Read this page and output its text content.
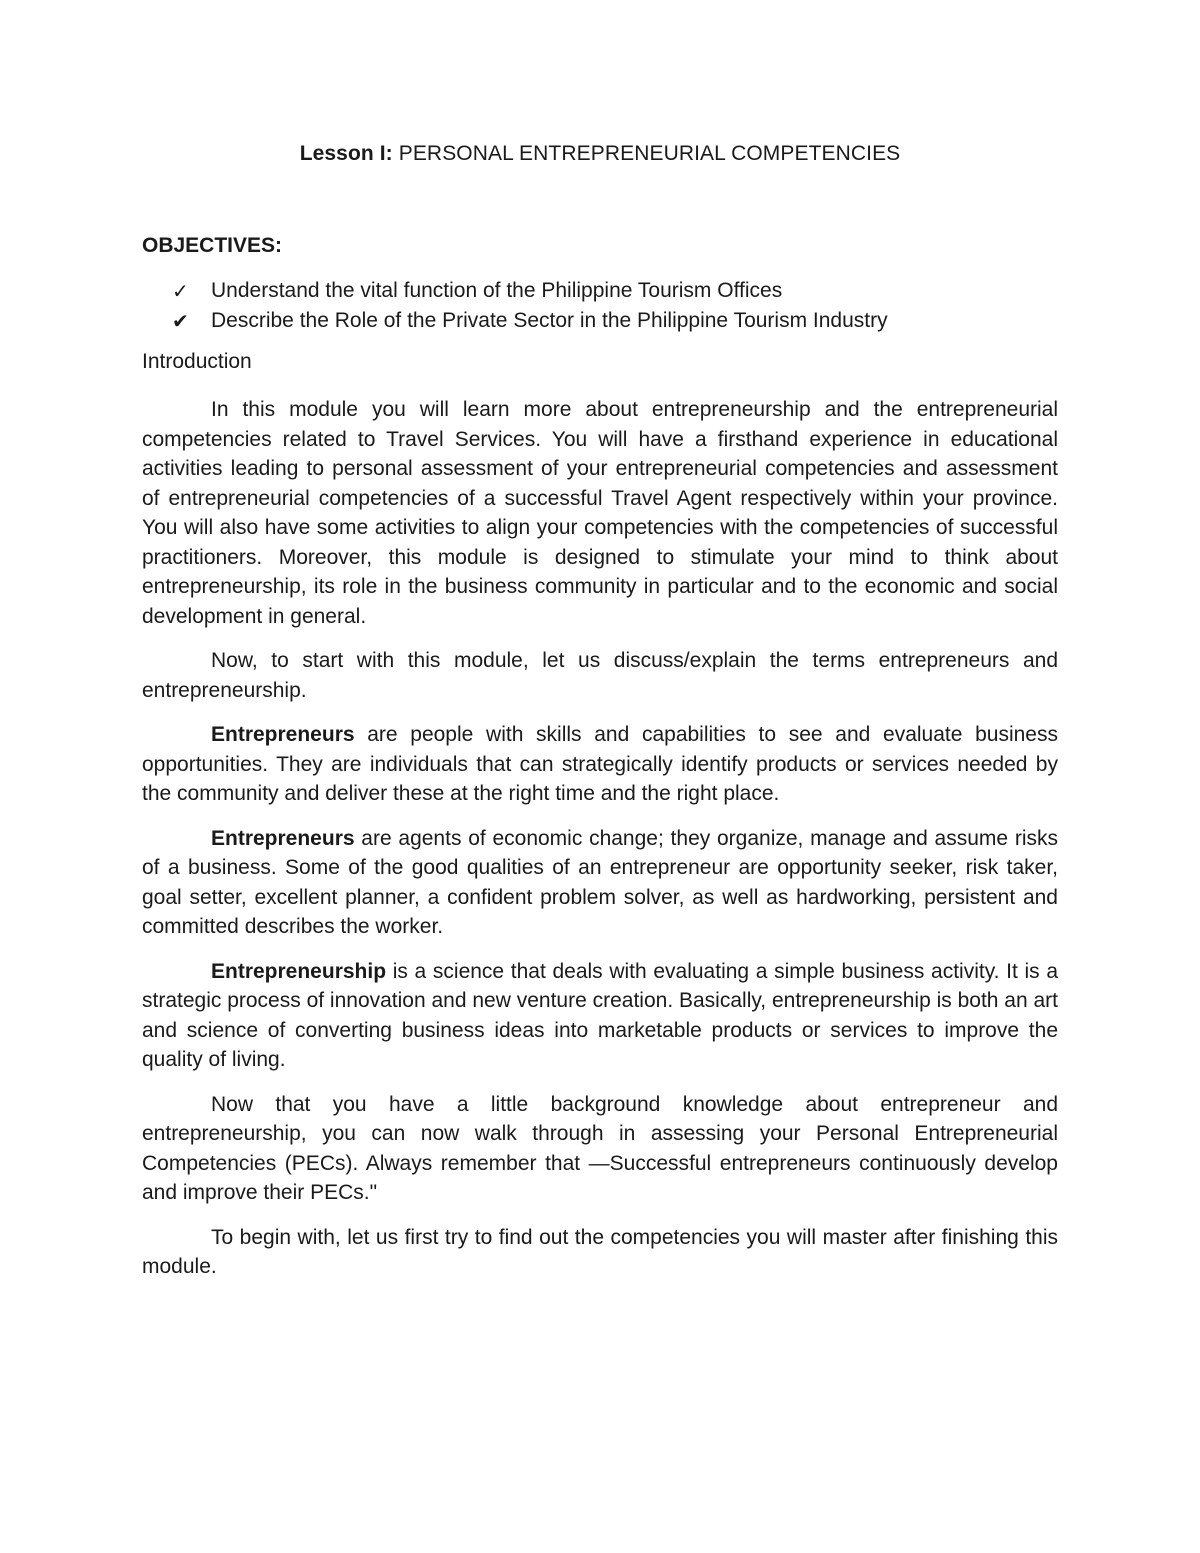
Lesson I: PERSONAL ENTREPRENEURIAL COMPETENCIES
OBJECTIVES:
✓ Understand the vital function of the Philippine Tourism Offices
✔ Describe the Role of the Private Sector in the Philippine Tourism Industry
Introduction

In this module you will learn more about entrepreneurship and the entrepreneurial competencies related to Travel Services. You will have a firsthand experience in educational activities leading to personal assessment of your entrepreneurial competencies and assessment of entrepreneurial competencies of a successful Travel Agent respectively within your province. You will also have some activities to align your competencies with the competencies of successful practitioners. Moreover, this module is designed to stimulate your mind to think about entrepreneurship, its role in the business community in particular and to the economic and social development in general.

Now, to start with this module, let us discuss/explain the terms entrepreneurs and entrepreneurship.

Entrepreneurs are people with skills and capabilities to see and evaluate business opportunities. They are individuals that can strategically identify products or services needed by the community and deliver these at the right time and the right place.

Entrepreneurs are agents of economic change; they organize, manage and assume risks of a business. Some of the good qualities of an entrepreneur are opportunity seeker, risk taker, goal setter, excellent planner, a confident problem solver, as well as hardworking, persistent and committed describes the worker.

Entrepreneurship is a science that deals with evaluating a simple business activity. It is a strategic process of innovation and new venture creation. Basically, entrepreneurship is both an art and science of converting business ideas into marketable products or services to improve the quality of living.

Now that you have a little background knowledge about entrepreneur and entrepreneurship, you can now walk through in assessing your Personal Entrepreneurial Competencies (PECs). Always remember that —Successful entrepreneurs continuously develop and improve their PECs."

To begin with, let us first try to find out the competencies you will master after finishing this module.
